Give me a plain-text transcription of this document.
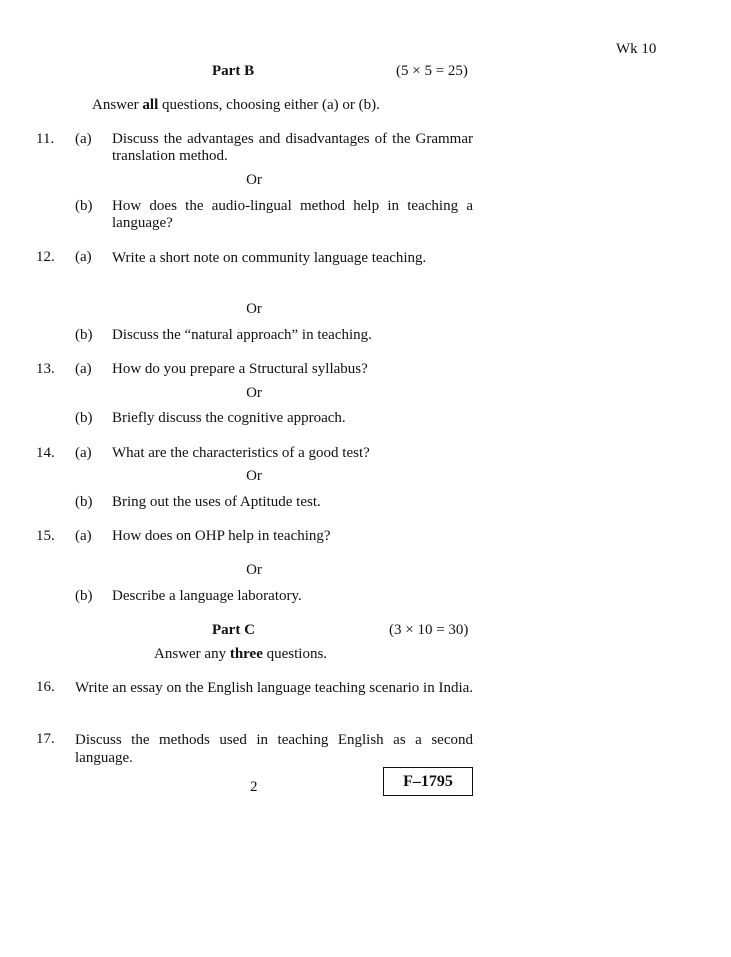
Wk 10
Part B	(5 × 5 = 25)
Answer all questions, choosing either (a) or (b).
11. (a) Discuss the advantages and disadvantages of the Grammar translation method.
Or
(b) How does the audio-lingual method help in teaching a language?
12. (a) Write a short note on community language teaching.
Or
(b) Discuss the “natural approach” in teaching.
13. (a) How do you prepare a Structural syllabus?
Or
(b) Briefly discuss the cognitive approach.
14. (a) What are the characteristics of a good test?
Or
(b) Bring out the uses of Aptitude test.
15. (a) How does on OHP help in teaching?
Or
(b) Describe a language laboratory.
Part C	(3 × 10 = 30)
Answer any three questions.
16. Write an essay on the English language teaching scenario in India.
17. Discuss the methods used in teaching English as a second language.
2	F–1795
